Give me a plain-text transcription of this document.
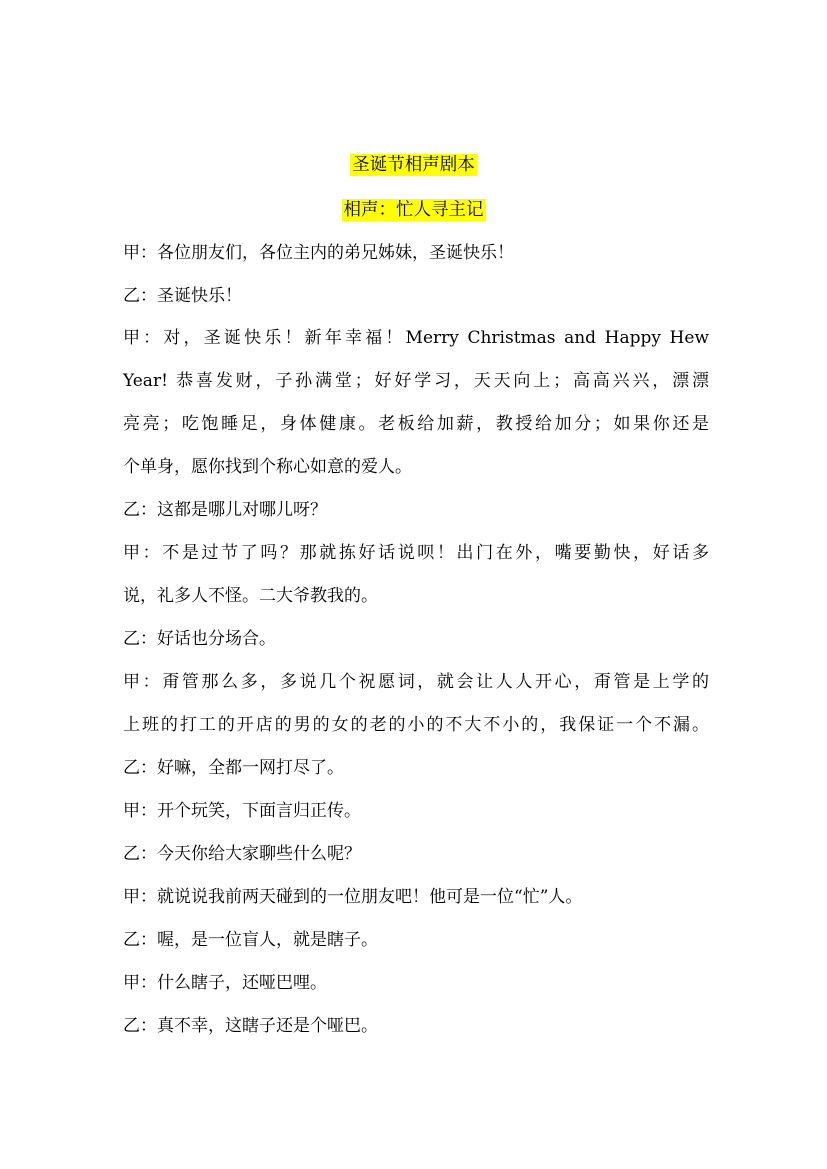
圣诞节相声剧本
相声：忙人寻主记
甲：各位朋友们，各位主内的弟兄姊妹，圣诞快乐！
乙：圣诞快乐！
甲：对，圣诞快乐！新年幸福！Merry Christmas and Happy Hew
Year! 恭喜发财，子孙满堂；好好学习，天天向上；高高兴兴，漂漂
亮亮；吃饱睡足，身体健康。老板给加薪，教授给加分；如果你还是
个单身，愿你找到个称心如意的爱人。
乙：这都是哪儿对哪儿呀？
甲：不是过节了吗？那就拣好话说呗！出门在外，嘴要勤快，好话多
说，礼多人不怪。二大爷教我的。
乙：好话也分场合。
甲：甭管那么多，多说几个祝愿词，就会让人人开心，甭管是上学的
上班的打工的开店的男的女的老的小的不大不小的，我保证一个不漏。
乙：好嘛，全都一网打尽了。
甲：开个玩笑，下面言归正传。
乙：今天你给大家聊些什么呢？
甲：就说说我前两天碰到的一位朋友吧！他可是一位“忙”人。
乙：喔，是一位盲人，就是瞎子。
甲：什么瞎子，还哑巴哩。
乙：真不幸，这瞎子还是个哑巴。
